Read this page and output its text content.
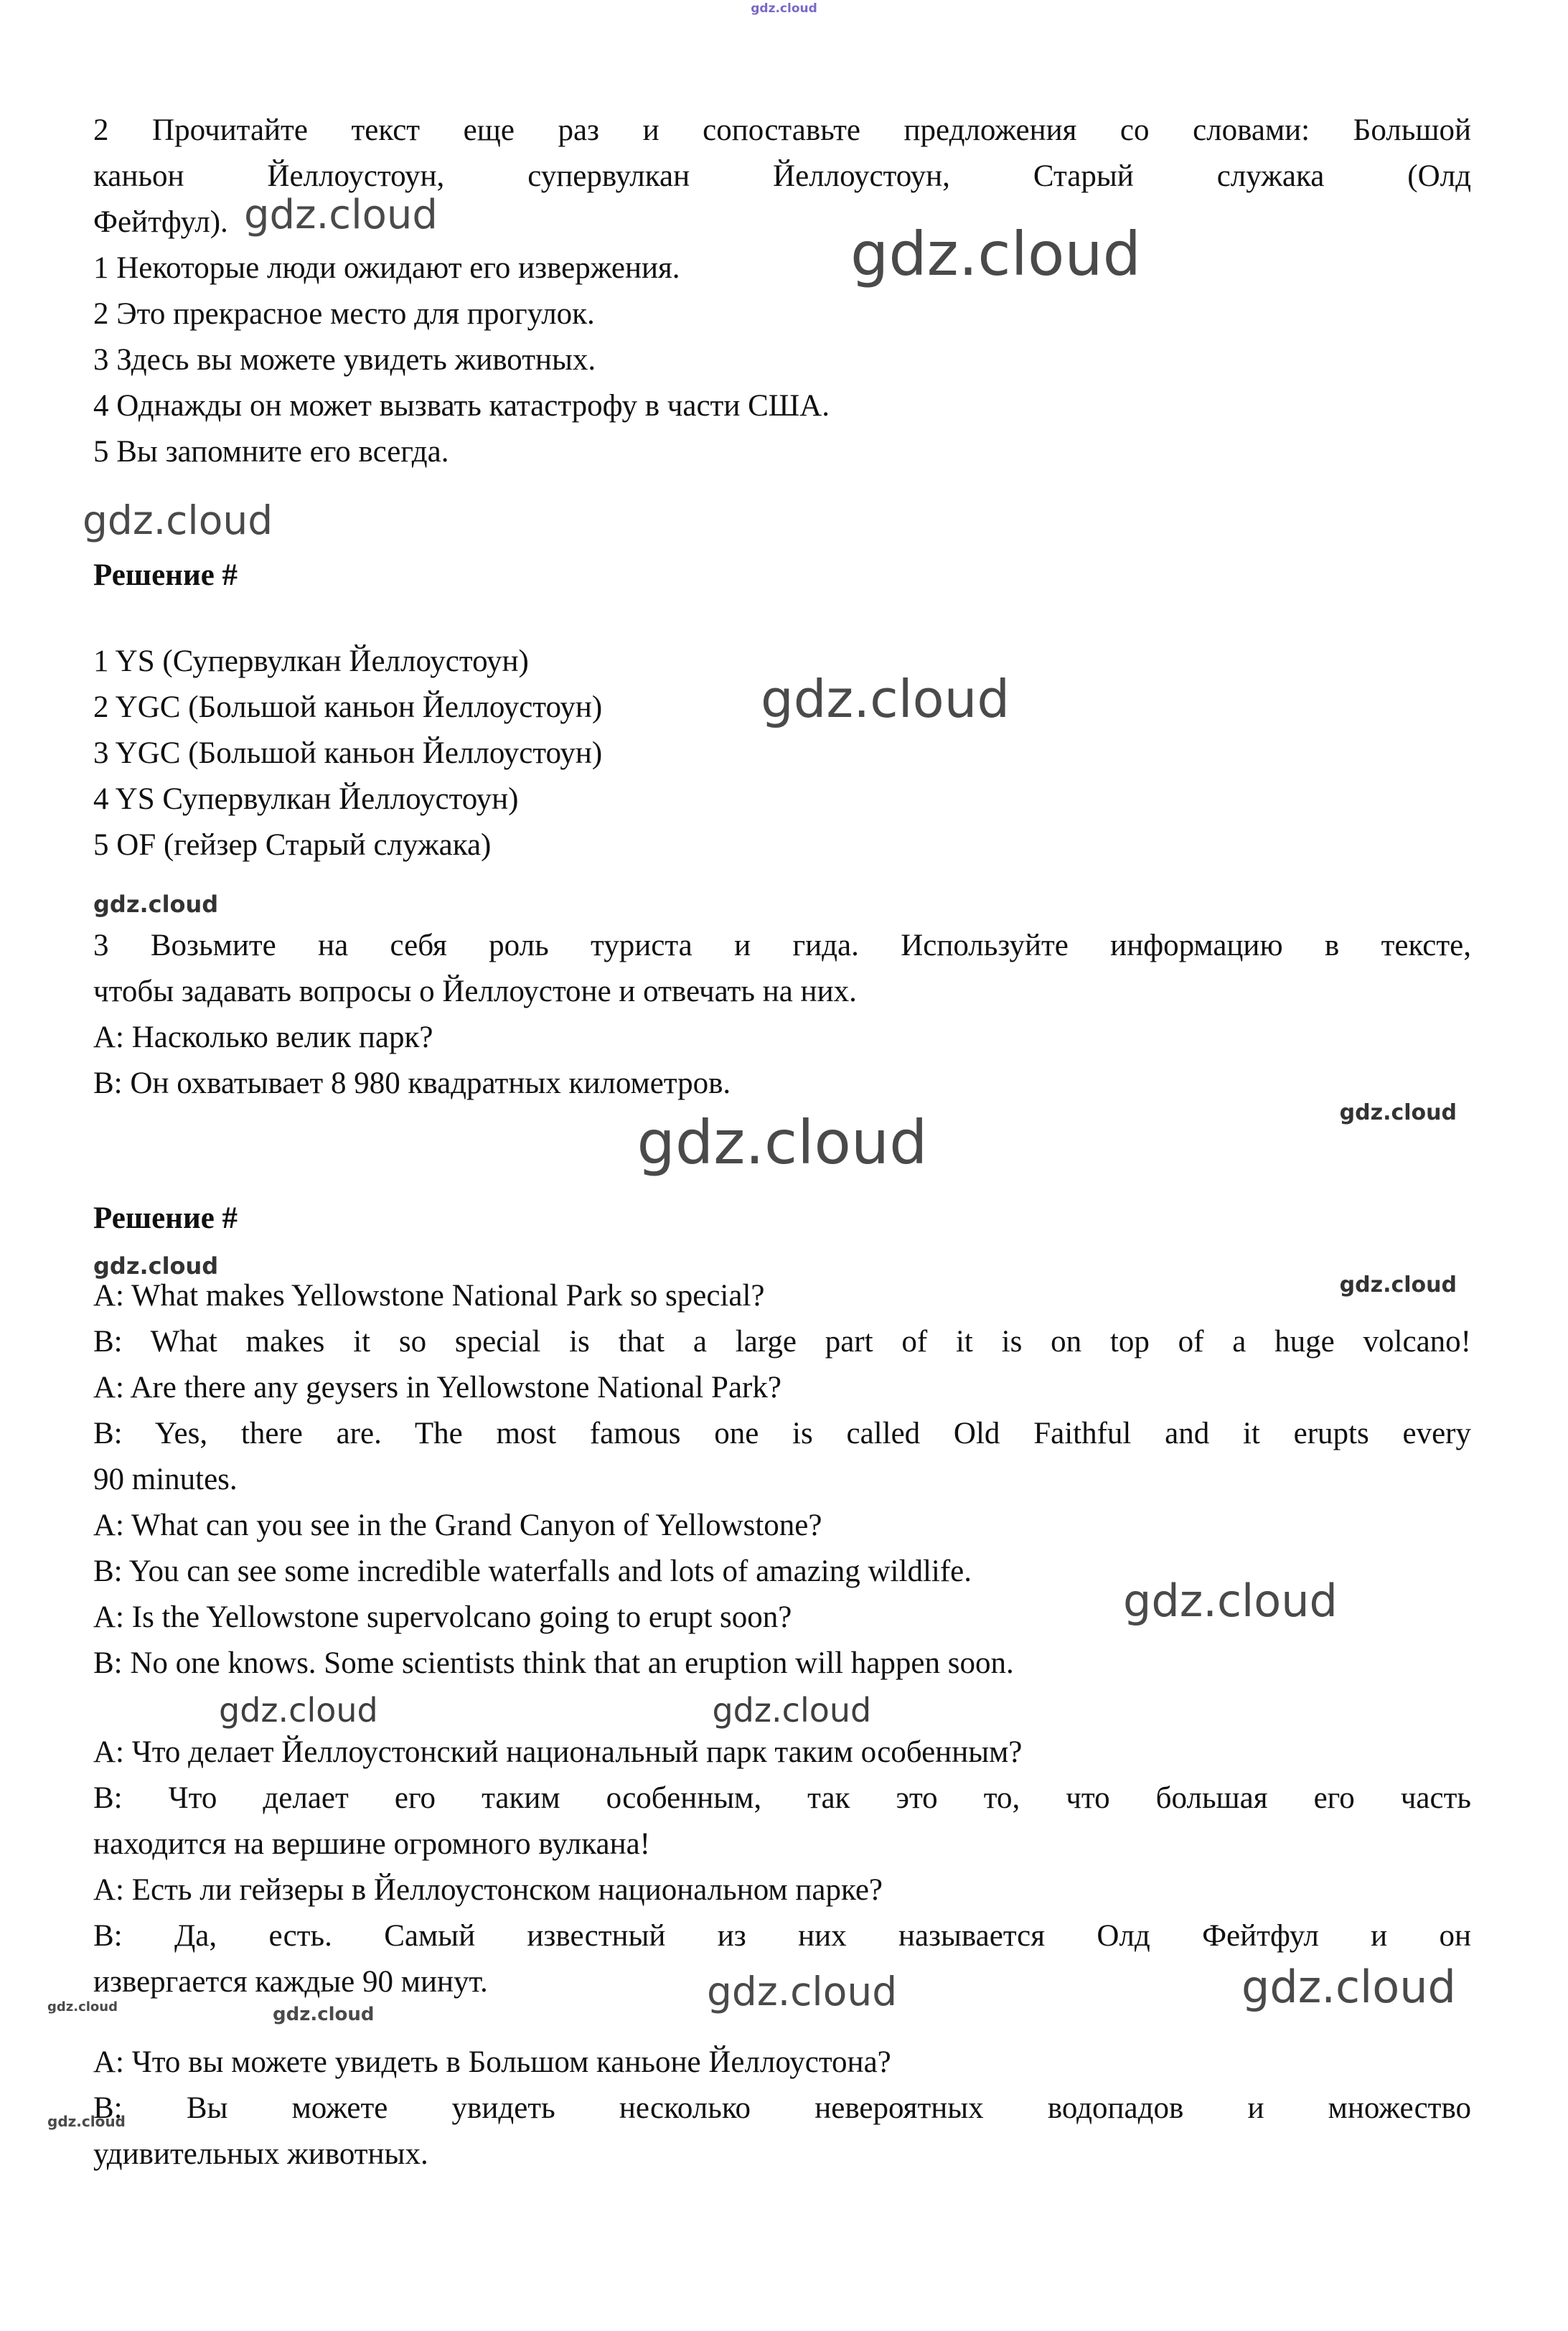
gdz.cloud
2 Прочитайте текст еще раз и сопоставьте предложения со словами: Большой
каньон Йеллоустоун, супервулкан Йеллоустоун, Старый служака (Олд
Фейтфул). gdz.cloud
1 Некоторые люди ожидают его извержения.	gdz.cloud
2 Это прекрасное место для прогулок.
3 Здесь вы можете увидеть животных.
4 Однажды он может вызвать катастрофу в части США.
5 Вы запомните его всегда.
gdz.cloud
Решение #
1 YS (Супервулкан Йеллоустоун)
2 YGC (Большой каньон Йеллоустоун)	gdz.cloud
3 YGC (Большой каньон Йеллоустоун)
4 YS Супервулкан Йеллоустоун)
5 OF (гейзер Старый служака)
gdz.cloud
3 Возьмите на себя роль туриста и гида. Используйте информацию в тексте,
чтобы задавать вопросы о Йеллоустоне и отвечать на них.
A: Насколько велик парк?
B: Он охватывает 8 980 квадратных километров.
gdz.cloud	gdz.cloud
Решение #
gdz.cloud
A: What makes Yellowstone National Park so special?	gdz.cloud
B: What makes it so special is that a large part of it is on top of a huge volcano!
A: Are there any geysers in Yellowstone National Park?
B: Yes, there are. The most famous one is called Old Faithful and it erupts every
90 minutes.
A: What can you see in the Grand Canyon of Yellowstone?
B: You can see some incredible waterfalls and lots of amazing wildlife.
A: Is the Yellowstone supervolcano going to erupt soon?	gdz.cloud
B: No one knows. Some scientists think that an eruption will happen soon.
gdz.cloud	gdz.cloud
A: Что делает Йеллоустонский национальный парк таким особенным?
B: Что делает его таким особенным, так это то, что большая его часть
находится на вершине огромного вулкана!
A: Есть ли гейзеры в Йеллоустонском национальном парке?
B: Да, есть. Самый известный из них называется Олд Фейтфул и он
извергается каждые 90 минут.	gdz.cloud	gdz.cloud
gdz.cloud	gdz.cloud
A: Что вы можете увидеть в Большом каньоне Йеллоустона?
B: Вы можете увидеть несколько невероятных водопадов и множество
удивительных животных.
gdz.cloud
